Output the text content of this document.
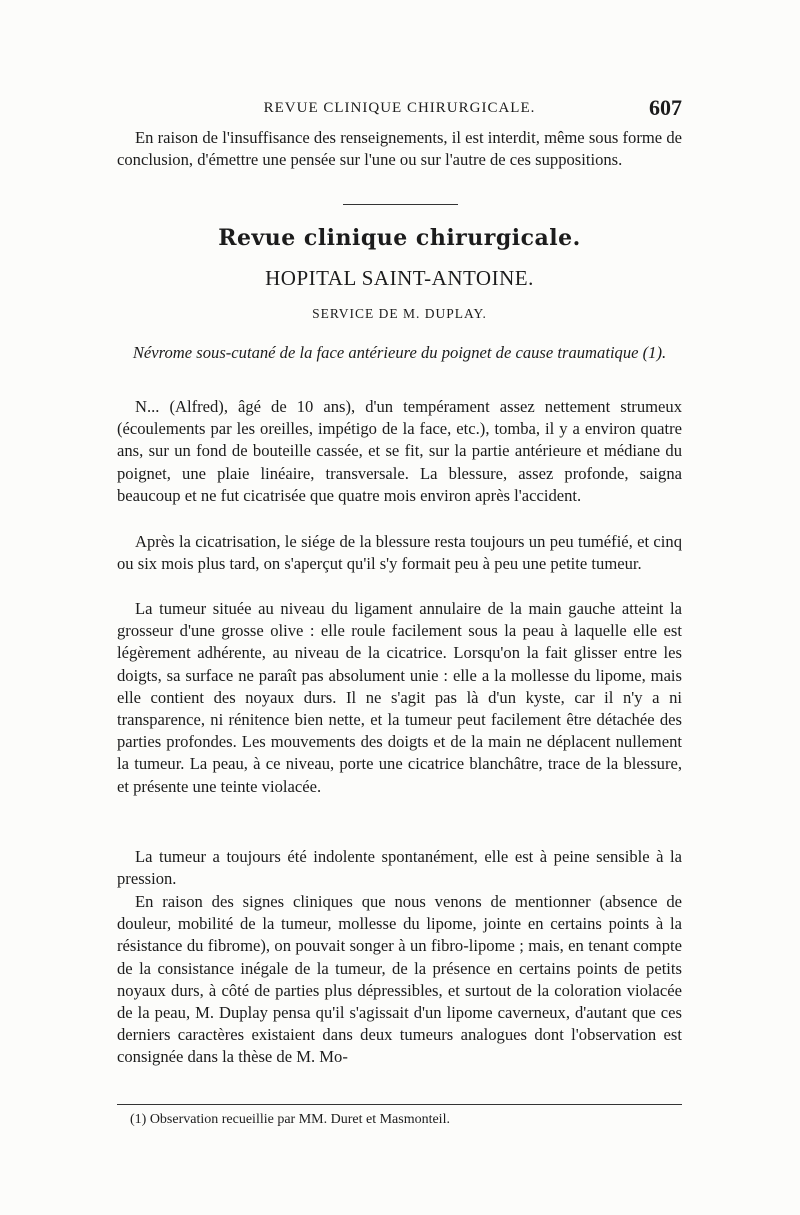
REVUE CLINIQUE CHIRURGICALE.	607

En raison de l'insuffisance des renseignements, il est interdit, même sous forme de conclusion, d'émettre une pensée sur l'une ou sur l'autre de ces suppositions.

Revue clinique chirurgicale.
HOPITAL SAINT-ANTOINE.
SERVICE DE M. DUPLAY.
Névrome sous-cutané de la face antérieure du poignet de cause traumatique (1).

N... (Alfred), âgé de 10 ans), d'un tempérament assez nettement strumeux (écoulements par les oreilles, impétigo de la face, etc.), tomba, il y a environ quatre ans, sur un fond de bouteille cassée, et se fit, sur la partie antérieure et médiane du poignet, une plaie linéaire, transversale. La blessure, assez profonde, saigna beaucoup et ne fut cicatrisée que quatre mois environ après l'accident.

Après la cicatrisation, le siége de la blessure resta toujours un peu tuméfié, et cinq ou six mois plus tard, on s'aperçut qu'il s'y formait peu à peu une petite tumeur.

La tumeur située au niveau du ligament annulaire de la main gauche atteint la grosseur d'une grosse olive : elle roule facilement sous la peau à laquelle elle est légèrement adhérente, au niveau de la cicatrice. Lorsqu'on la fait glisser entre les doigts, sa surface ne paraît pas absolument unie : elle a la mollesse du lipome, mais elle contient des noyaux durs. Il ne s'agit pas là d'un kyste, car il n'y a ni transparence, ni rénitence bien nette, et la tumeur peut facilement être détachée des parties profondes. Les mouvements des doigts et de la main ne déplacent nullement la tumeur. La peau, à ce niveau, porte une cicatrice blanchâtre, trace de la blessure, et présente une teinte violacée.

La tumeur a toujours été indolente spontanément, elle est à peine sensible à la pression.

En raison des signes cliniques que nous venons de mentionner (absence de douleur, mobilité de la tumeur, mollesse du lipome, jointe en certains points à la résistance du fibrome), on pouvait songer à un fibro-lipome ; mais, en tenant compte de la consistance inégale de la tumeur, de la présence en certains points de petits noyaux durs, à côté de parties plus dépressibles, et surtout de la coloration violacée de la peau, M. Duplay pensa qu'il s'agissait d'un lipome caverneux, d'autant que ces derniers caractères existaient dans deux tumeurs analogues dont l'observation est consignée dans la thèse de M. Mo-

(1) Observation recueillie par MM. Duret et Masmonteil.
